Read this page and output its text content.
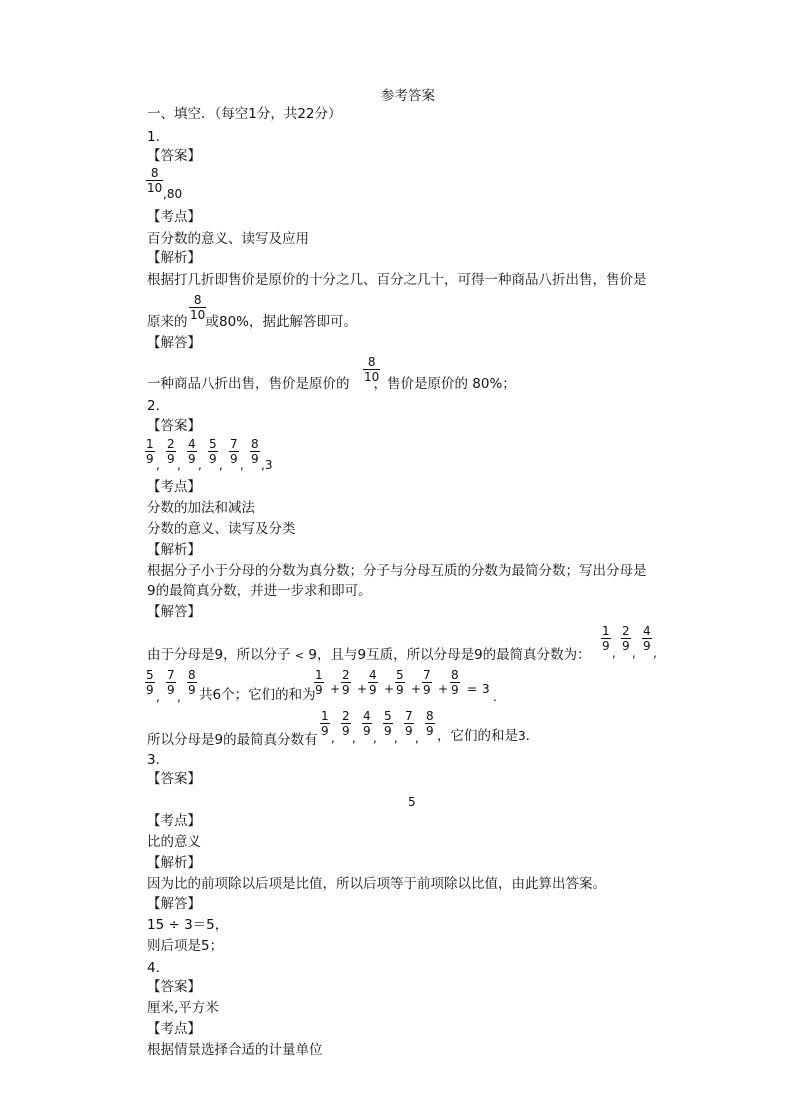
参考答案
一、填空．（每空1分，共22分）
1.
【答案】
8
10 ,80
【考点】
百分数的意义、读写及应用
【解析】
根据打几折即售价是原价的十分之几、百分之几十，可得一种商品八折出售，售价是
8
10
原来的 或80%，据此解答即可。
【解答】
8
10
一种商品八折出售，售价是原价的 ，售价是原价的 80%；
2.
【答案】
1
9 ,
2
9 ,
4
9 ,
5
9 ,
7
9 ,
8
9 ,3
【考点】
分数的加法和减法
分数的意义、读写及分类
【解析】
根据分子小于分母的分数为真分数；分子与分母互质的分数为最简分数；写出分母是
9的最简真分数，并进一步求和即可。
【解答】
由于分母是9，所以分子 < 9，且与9互质，所以分母是9的最简真分数为：
1
9 ,
2
9 ,
4
9 ,
5
9 ,
7
9 ,
8
9 共6个；它们的和为
1
9 +
2
9 +
4
9 +
5
9 +
7
9 +
8
9 = 3
.
所以分母是9的最简真分数有
1
9 ,
2
9 ,
4
9 ,
5
9 ,
7
9 ,
8
9 ，它们的和是3.
3.
【答案】
5
【考点】
比的意义
【解析】
因为比的前项除以后项是比值，所以后项等于前项除以比值，由此算出答案。
【解答】
15 ÷ 3＝5，
则后项是5；
4.
【答案】
厘米,平方米
【考点】
根据情景选择合适的计量单位
